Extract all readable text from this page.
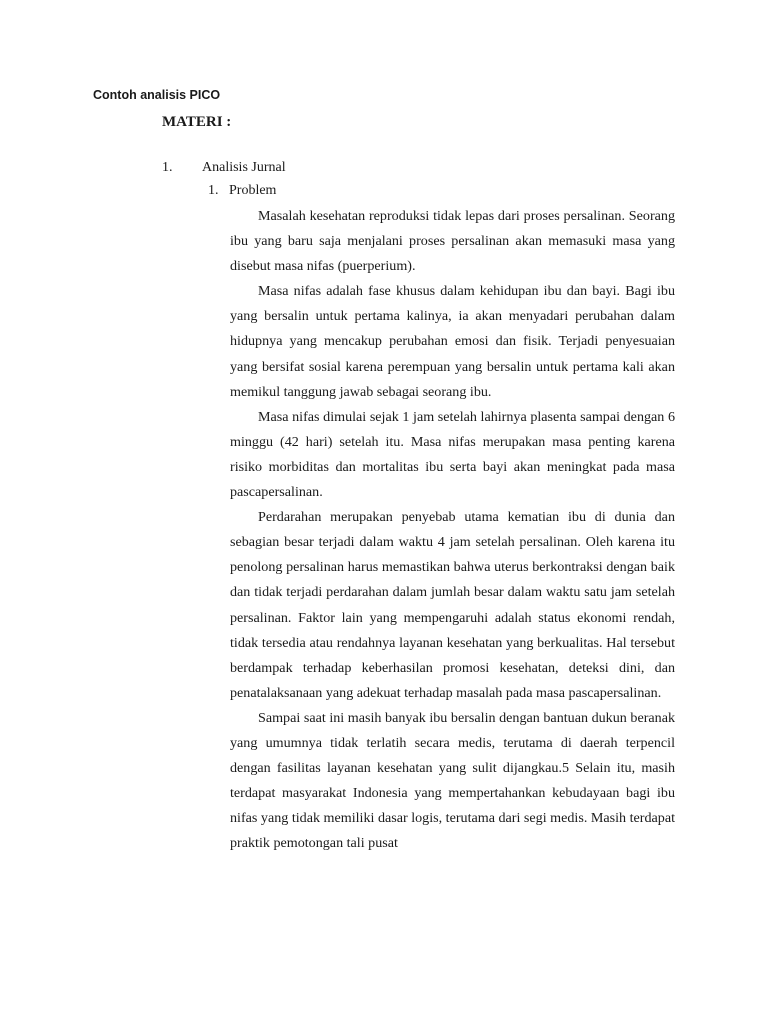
Contoh analisis PICO
MATERI :
1. Analisis Jurnal
1. Problem

Masalah kesehatan reproduksi tidak lepas dari proses persalinan. Seorang ibu yang baru saja menjalani proses persalinan akan memasuki masa yang disebut masa nifas (puerperium).

Masa nifas adalah fase khusus dalam kehidupan ibu dan bayi. Bagi ibu yang bersalin untuk pertama kalinya, ia akan menyadari perubahan dalam hidupnya yang mencakup perubahan emosi dan fisik. Terjadi penyesuaian yang bersifat sosial karena perempuan yang bersalin untuk pertama kali akan memikul tanggung jawab sebagai seorang ibu.

Masa nifas dimulai sejak 1 jam setelah lahirnya plasenta sampai dengan 6 minggu (42 hari) setelah itu. Masa nifas merupakan masa penting karena risiko morbiditas dan mortalitas ibu serta bayi akan meningkat pada masa pascapersalinan.

Perdarahan merupakan penyebab utama kematian ibu di dunia dan sebagian besar terjadi dalam waktu 4 jam setelah persalinan. Oleh karena itu penolong persalinan harus memastikan bahwa uterus berkontraksi dengan baik dan tidak terjadi perdarahan dalam jumlah besar dalam waktu satu jam setelah persalinan. Faktor lain yang mempengaruhi adalah status ekonomi rendah, tidak tersedia atau rendahnya layanan kesehatan yang berkualitas. Hal tersebut berdampak terhadap keberhasilan promosi kesehatan, deteksi dini, dan penatalaksanaan yang adekuat terhadap masalah pada masa pascapersalinan.

Sampai saat ini masih banyak ibu bersalin dengan bantuan dukun beranak yang umumnya tidak terlatih secara medis, terutama di daerah terpencil dengan fasilitas layanan kesehatan yang sulit dijangkau.5 Selain itu, masih terdapat masyarakat Indonesia yang mempertahankan kebudayaan bagi ibu nifas yang tidak memiliki dasar logis, terutama dari segi medis. Masih terdapat praktik pemotongan tali pusat
